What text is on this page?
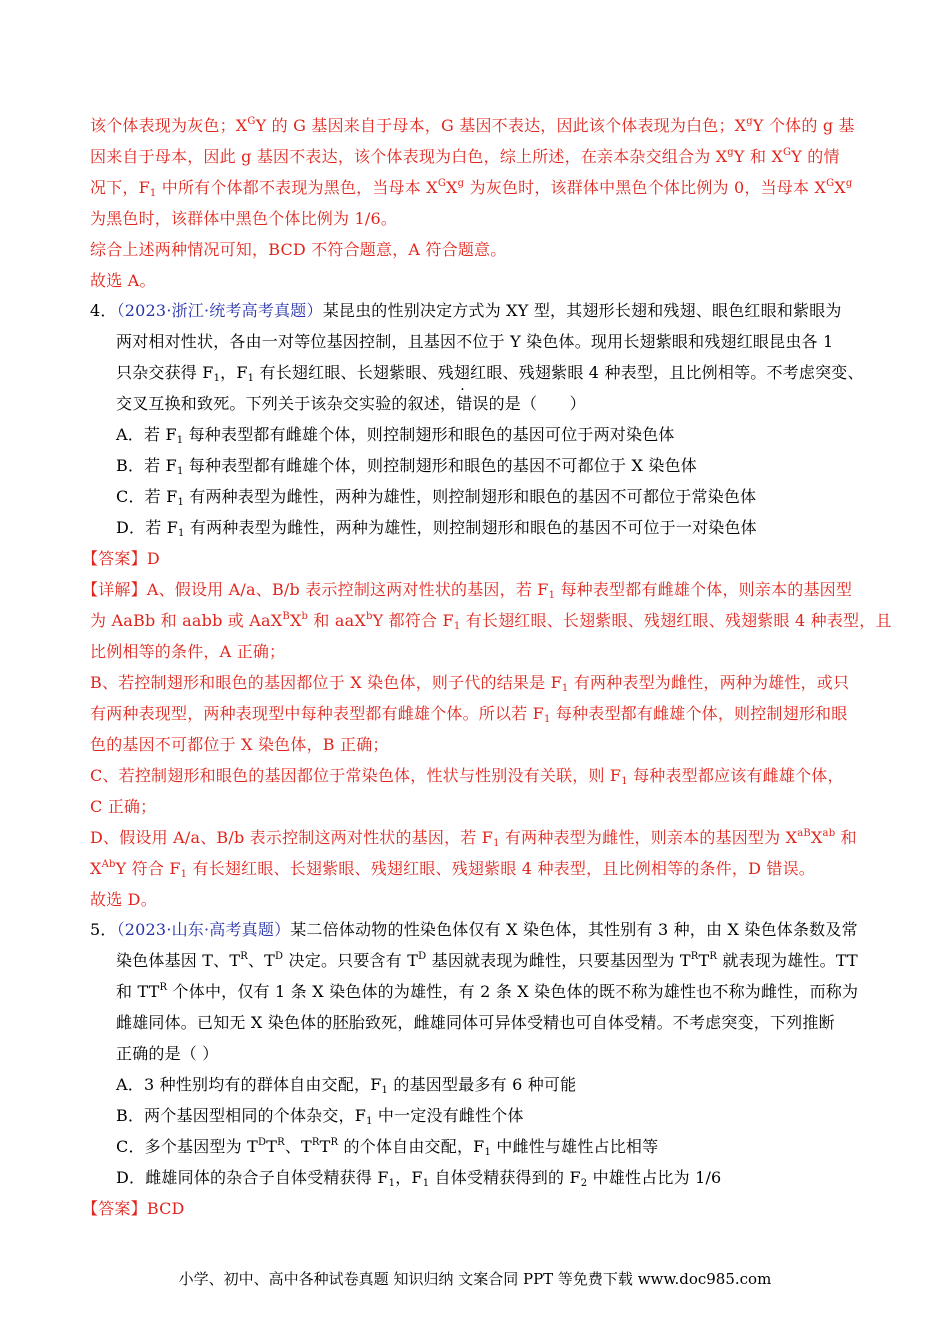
该个体表现为灰色；$X^GY$ 的 G 基因来自于母本，G 基因不表达，因此该个体表现为白色；$X^gY$ 个体的 g 基
因来自于母本，因此 g 基因不表达，该个体表现为白色，综上所述，在亲本杂交组合为 $X^gY$ 和 $X^GY$ 的情
况下，$F_1$ 中所有个体都不表现为黑色，当母本 $X^GX^g$ 为灰色时，该群体中黑色个体比例为 0，当母本 $X^GX^g$
为黑色时，该群体中黑色个体比例为 1/6。
综合上述两种情况可知，BCD 不符合题意，A 符合题意。
故选 A。
4．（2023·浙江·统考高考真题）某昆虫的性别决定方式为 XY 型，其翅形长翅和残翅、眼色红眼和紫眼为
两对相对性状，各由一对等位基因控制，且基因不位于 Y 染色体。现用长翅紫眼和残翅红眼昆虫各 1
只杂交获得 $F_1$，$F_1$ 有长翅红眼、长翅紫眼、残翅红眼、残翅紫眼 4 种表型，且比例相等。不考虑突变、
交叉互换和致死。下列关于该杂交实验的叙述，错误的是（　　）
A．若 $F_1$ 每种表型都有雌雄个体，则控制翅形和眼色的基因可位于两对染色体
B．若 $F_1$ 每种表型都有雌雄个体，则控制翅形和眼色的基因不可都位于 X 染色体
C．若 $F_1$ 有两种表型为雌性，两种为雄性，则控制翅形和眼色的基因不可都位于常染色体
D．若 $F_1$ 有两种表型为雌性，两种为雄性，则控制翅形和眼色的基因不可位于一对染色体
【答案】D
【详解】A、假设用 A/a、B/b 表示控制这两对性状的基因，若 $F_1$ 每种表型都有雌雄个体，则亲本的基因型
为 AaBb 和 aabb 或 $AaX^BX^b$ 和 aaX$^b$Y 都符合 $F_1$ 有长翅红眼、长翅紫眼、残翅红眼、残翅紫眼 4 种表型，且
比例相等的条件，A 正确；
B、若控制翅形和眼色的基因都位于 X 染色体，则子代的结果是 $F_1$ 有两种表型为雌性，两种为雄性，或只
有两种表现型，两种表现型中每种表型都有雌雄个体。所以若 $F_1$ 每种表型都有雌雄个体，则控制翅形和眼
色的基因不可都位于 X 染色体，B 正确；
C、若控制翅形和眼色的基因都位于常染色体，性状与性别没有关联，则 $F_1$ 每种表型都应该有雌雄个体，
C 正确；
D、假设用 A/a、B/b 表示控制这两对性状的基因，若 $F_1$ 有两种表型为雌性，则亲本的基因型为 $X^{aB}X^{ab}$ 和
$X^{Ab}Y$ 符合 $F_1$ 有长翅红眼、长翅紫眼、残翅红眼、残翅紫眼 4 种表型，且比例相等的条件，D 错误。
故选 D。
5．（2023·山东·高考真题）某二倍体动物的性染色体仅有 X 染色体，其性别有 3 种，由 X 染色体条数及常
染色体基因 T、$T^R$、$T^D$ 决定。只要含有 $T^D$ 基因就表现为雌性，只要基因型为 $T^RT^R$ 就表现为雄性。TT
和 $TT^R$ 个体中，仅有 1 条 X 染色体的为雄性，有 2 条 X 染色体的既不称为雄性也不称为雌性，而称为
雌雄同体。已知无 X 染色体的胚胎致死，雌雄同体可异体受精也可自体受精。不考虑突变，下列推断
正确的是（ ）
A．3 种性别均有的群体自由交配，$F_1$ 的基因型最多有 6 种可能
B．两个基因型相同的个体杂交，$F_1$ 中一定没有雌性个体
C．多个基因型为 $T^DT^R$、$T^RT^R$ 的个体自由交配，$F_1$ 中雌性与雄性占比相等
D．雌雄同体的杂合子自体受精获得 $F_1$，$F_1$ 自体受精获得到的 $F_2$ 中雄性占比为 1/6
【答案】BCD
小学、初中、高中各种试卷真题 知识归纳 文案合同 PPT 等免费下载 www.doc985.com
